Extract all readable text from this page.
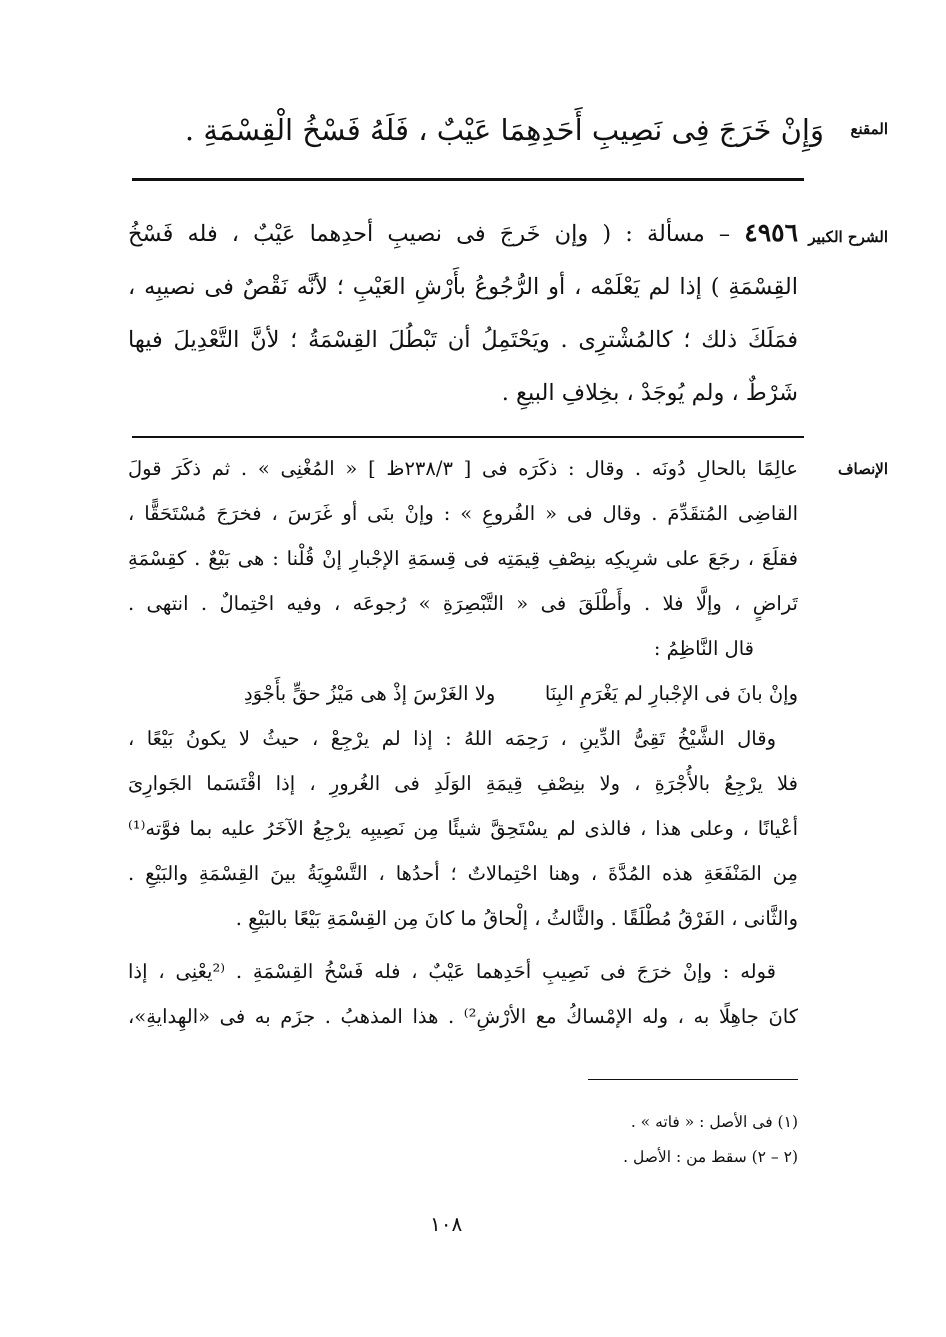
المقنع
وَإِنْ خَرَجَ فِى نَصِيبِ أَحَدِهِمَا عَيْبٌ ، فَلَهُ فَسْخُ الْقِسْمَةِ .
الشرح الكبير
٤٩٥٦ – مسألة : ( وإن خَرجَ فى نصيبِ أحدِهما عَيْبٌ ، فله فَسْخُ
القِسْمَةِ ) إذا لم يَعْلَمْه ، أو الرُّجُوعُ بأَرْشِ العَيْبِ ؛ لأنَّه نَقْصٌ فى نصيبِه ،
فمَلَكَ ذلك ؛ كالمُشْترِى . ويَحْتَمِلُ أن تَبْطُلَ القِسْمَةُ ؛ لأنَّ التَّعْدِيلَ فيها
شَرْطٌ ، ولم يُوجَدْ ، بخِلافِ البيعِ .
الإنصاف
عالِمًا بالحالِ دُونَه . وقال : ذكَرَه فى [ ٢٣٨/٣ظ ] « المُغْنِى » . ثم ذكَرَ قولَ
القاضِى المُتقَدِّمَ . وقال فى « الفُروعِ » : وإنْ بنَى أو غَرَسَ ، فخرَجَ مُسْتَحَقًّا ،
فقلَعَ ، رجَعَ على شرِيكِه بنِصْفِ قِيمَتِه فى قِسمَةِ الإجْبارِ إنْ قُلْنا : هى بَيْعٌ . كقِسْمَةِ
تَراضٍ ، وإلَّا فلا . وأَطْلَقَ فى « التَّبْصِرَةِ » رُجوعَه ، وفيه احْتِمالٌ . انتهى .
قال النَّاظِمُ :
وإنْ بانَ فى الإجْبارِ لم يَغْرَمِ البِنَا        ولا الغَرْسَ إذْ هى مَيْزُ حقٍّ بأَجْوَدِ
وقال الشَّيْخُ تَقِىُّ الدِّينِ ، رَحِمَه اللهُ : إذا لم يرْجِعْ ، حيثُ لا يكونُ بَيْعًا ،
فلا يرْجِعُ بالأُجْرَةِ ، ولا بنِصْفِ قِيمَةِ الوَلَدِ فى الغُرورِ ، إذا اقْتَسَما الجَوارِىَ
أعْيانًا ، وعلى هذا ، فالذى لم يسْتَحِقَّ شيئًا مِن نَصِيبِه يرْجِعُ الآخَرُ عليه بما فوَّته⁽¹⁾
مِن المَنْفَعَةِ هذه المُدَّةَ ، وهنا احْتِمالاتٌ ؛ أحدُها ، التَّسْوِيَةُ بينَ القِسْمَةِ والبَيْعِ .
والثَّانى ، الفَرْقُ مُطْلَقًا . والثَّالثُ ، إلْحاقُ ما كانَ مِن القِسْمَةِ بَيْعًا بالبَيْعِ .
قوله : وإنْ خرَجَ فى نَصِيبِ أحَدِهما عَيْبٌ ، فله فَسْخُ القِسْمَةِ . ⁽²يعْنِى ، إذا
كانَ جاهِلًا به ، وله الإمْساكُ مع الأرْشِ²⁾ . هذا المذهبُ . جزَم به فى «الهِدايةِ»،
(١) فى الأصل : « فاته » .
(٢ – ٢) سقط من : الأصل .
١٠٨
